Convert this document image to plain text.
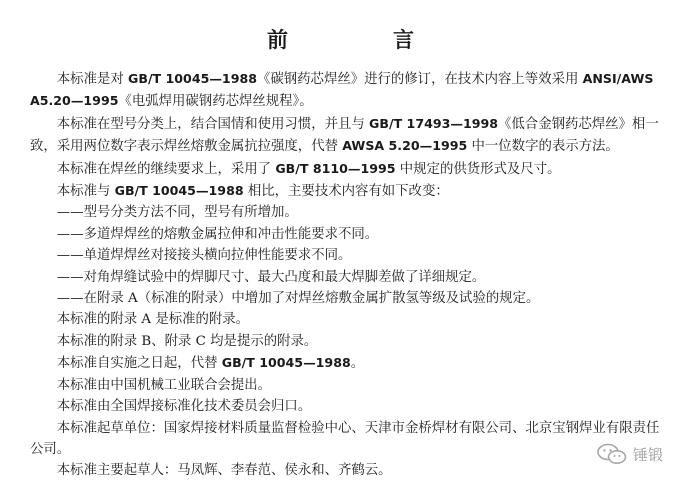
前　言

本标准是对 GB/T 10045—1988《碳钢药芯焊丝》进行的修订，在技术内容上等效采用 ANSI/AWS A5.20—1995《电弧焊用碳钢药芯焊丝规程》。

本标准在型号分类上，结合国情和使用习惯，并且与 GB/T 17493—1998《低合金钢药芯焊丝》相一致，采用两位数字表示焊丝熔敷金属抗拉强度，代替 AWSA 5.20—1995 中一位数字的表示方法。

本标准在焊丝的继续要求上，采用了 GB/T 8110—1995 中规定的供货形式及尺寸。

本标准与 GB/T 10045—1988 相比，主要技术内容有如下改变：

——型号分类方法不同，型号有所增加。

——多道焊焊丝的熔敷金属拉伸和冲击性能要求不同。

——单道焊焊丝对接接头横向拉伸性能要求不同。

——对角焊缝试验中的焊脚尺寸、最大凸度和最大焊脚差做了详细规定。

——在附录 A（标准的附录）中增加了对焊丝熔敷金属扩散氢等级及试验的规定。

本标准的附录 A 是标准的附录。

本标准的附录 B、附录 C 均是提示的附录。

本标准自实施之日起，代替 GB/T 10045—1988。

本标准由中国机械工业联合会提出。

本标准由全国焊接标准化技术委员会归口。

本标准起草单位：国家焊接材料质量监督检验中心、天津市金桥焊材有限公司、北京宝钢焊业有限责任公司。

本标准主要起草人：马凤辉、李春范、侯永和、齐鹤云。

锤锻
